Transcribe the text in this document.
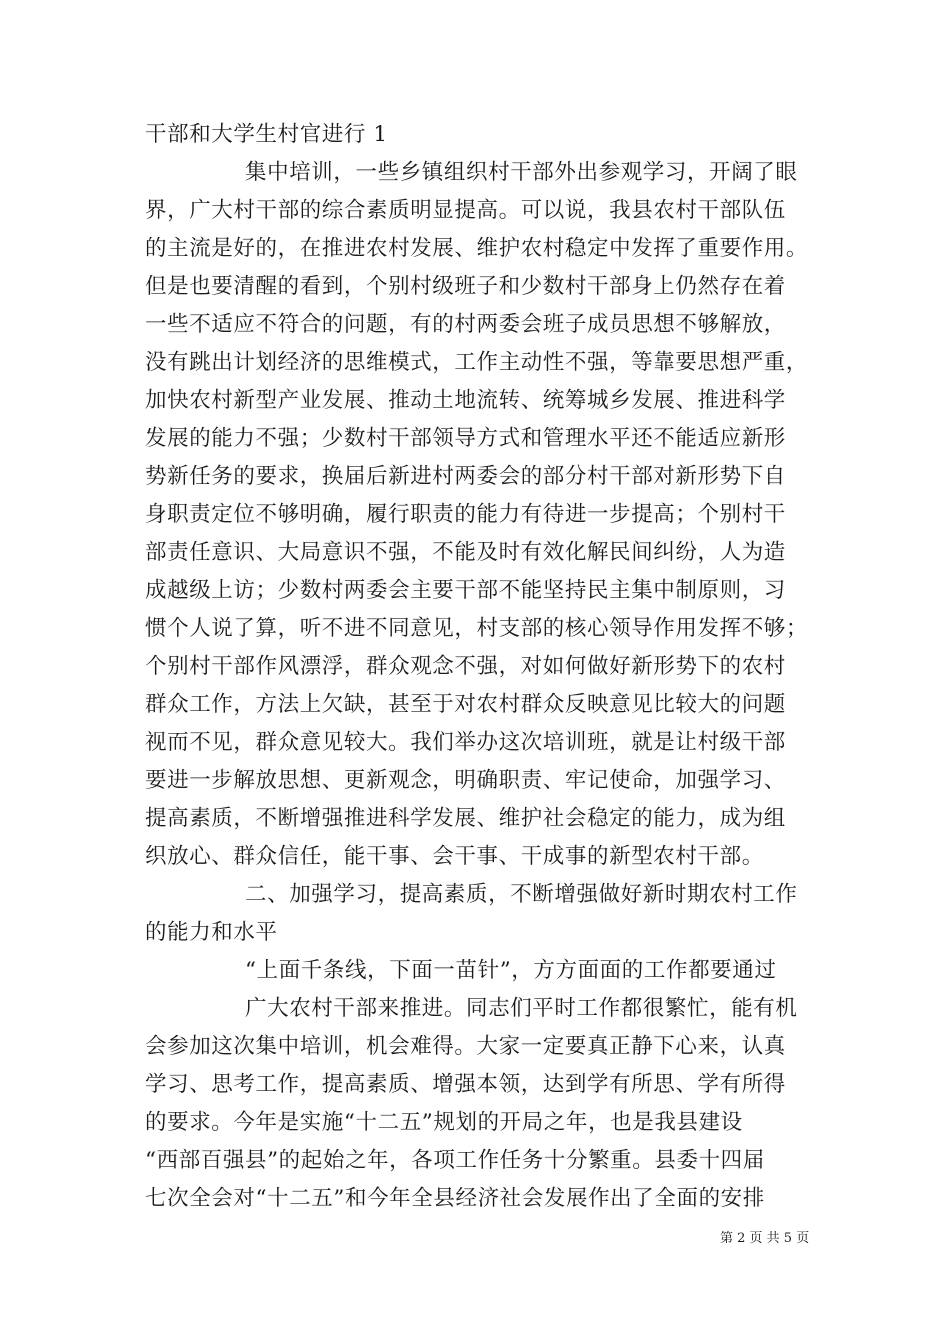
干部和大学生村官进行 1
集中培训，一些乡镇组织村干部外出参观学习，开阔了眼
界，广大村干部的综合素质明显提高。可以说，我县农村干部队伍
的主流是好的，在推进农村发展、维护农村稳定中发挥了重要作用。
但是也要清醒的看到，个别村级班子和少数村干部身上仍然存在着
一些不适应不符合的问题，有的村两委会班子成员思想不够解放，
没有跳出计划经济的思维模式，工作主动性不强，等靠要思想严重，
加快农村新型产业发展、推动土地流转、统筹城乡发展、推进科学
发展的能力不强；少数村干部领导方式和管理水平还不能适应新形
势新任务的要求，换届后新进村两委会的部分村干部对新形势下自
身职责定位不够明确，履行职责的能力有待进一步提高；个别村干
部责任意识、大局意识不强，不能及时有效化解民间纠纷，人为造
成越级上访；少数村两委会主要干部不能坚持民主集中制原则，习
惯个人说了算，听不进不同意见，村支部的核心领导作用发挥不够；
个别村干部作风漂浮，群众观念不强，对如何做好新形势下的农村
群众工作，方法上欠缺，甚至于对农村群众反映意见比较大的问题
视而不见，群众意见较大。我们举办这次培训班，就是让村级干部
要进一步解放思想、更新观念，明确职责、牢记使命，加强学习、
提高素质，不断增强推进科学发展、维护社会稳定的能力，成为组
织放心、群众信任，能干事、会干事、干成事的新型农村干部。
二、加强学习，提高素质，不断增强做好新时期农村工作
的能力和水平
“上面千条线，下面一苗针”，方方面面的工作都要通过
广大农村干部来推进。同志们平时工作都很繁忙，能有机
会参加这次集中培训，机会难得。大家一定要真正静下心来，认真
学习、思考工作，提高素质、增强本领，达到学有所思、学有所得
的要求。今年是实施“十二五”规划的开局之年，也是我县建设
“西部百强县”的起始之年，各项工作任务十分繁重。县委十四届
七次全会对“十二五”和今年全县经济社会发展作出了全面的安排
第 2 页 共 5 页
